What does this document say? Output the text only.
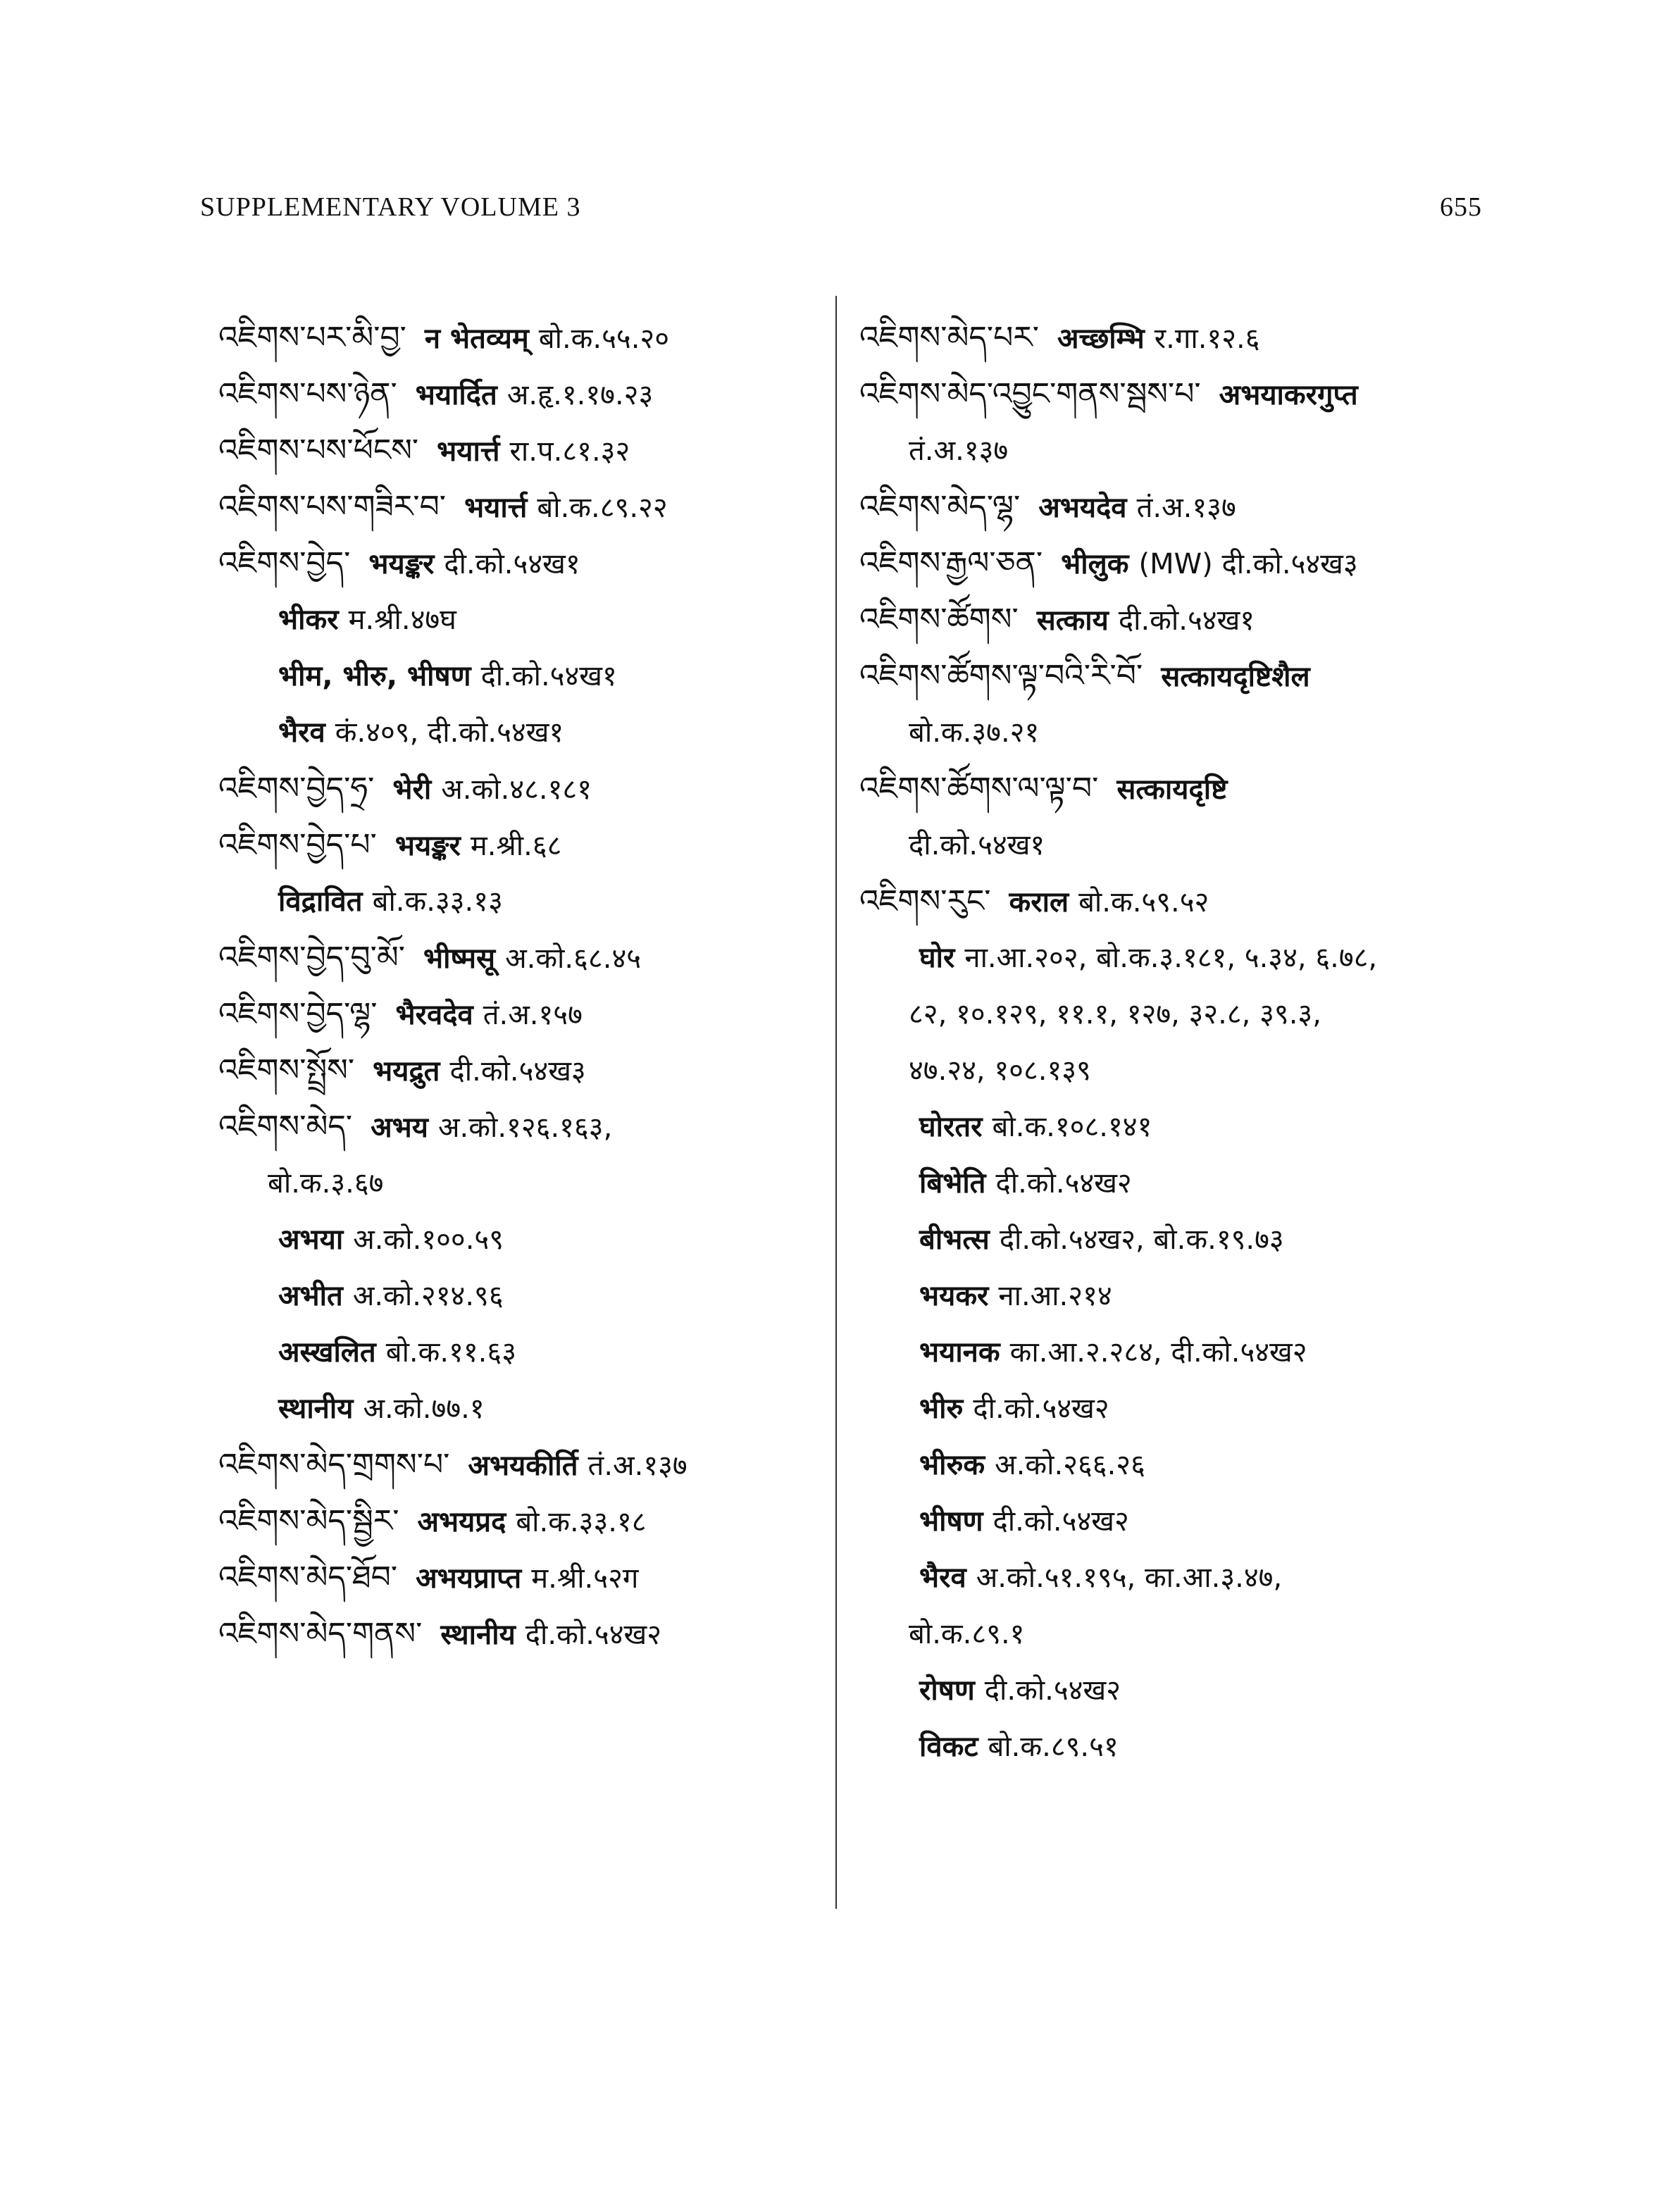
SUPPLEMENTARY VOLUME 3	655
འཇིགས་པར་མི་བྱ་ न भेतव्यम् बो.क.५५.२०
འཇིགས་པས་ཉེན་ भयार्दित अ.हृ.१.१७.२३
འཇིགས་པས་ཕོངས་ भयार्त्त रा.प.८१.३२
འཇིགས་པས་གཟིར་བ་ भयार्त्त बो.क.८९.२२
འཇིགས་བྱེད་ भयङ्कर दी.को.५४ख१
भीकर म.श्री.४७घ
भीम, भीरु, भीषण दी.को.५४ख१
भैरव कं.४०९, दी.को.५४ख१
འཇིགས་བྱེད་ཧྲ་ भेरी अ.को.४८.१८१
འཇིགས་བྱེད་པ་ भयङ्कर म.श्री.६८
विद्रावित बो.क.३३.१३
འཇིགས་བྱེད་བུ་མོ་ भीष्मसू अ.को.६८.४५
འཇིགས་བྱེད་ལྷ་ भैरवदेव तं.अ.१५७
འཇིགས་སྤྲོས་ भयद्रुत दी.को.५४ख३
འཇིགས་མེད་ अभय अ.को.१२६.१६३,
बो.क.३.६७
अभया अ.को.१००.५९
अभीत अ.को.२१४.९६
अस्खलित बो.क.११.६३
स्थानीय अ.को.७७.१
འཇིགས་མེད་གྲགས་པ་ अभयकीर्ति तं.अ.१३७
འཇིགས་མེད་སྦྱིར་ अभयप्रद बो.क.३३.१८
འཇིགས་མེད་ཐོབ་ अभयप्राप्त म.श्री.५२ग
འཇིགས་མེད་གནས་ स्थानीय दी.को.५४ख२
འཇིགས་མེད་པར་ अच्छम्भि र.गा.१२.६
འཇིགས་མེད་འབྱུང་གནས་སྦས་པ་ अभयाकरगुप्त
तं.अ.१३७
འཇིགས་མེད་ལྷ་ अभयदेव तं.अ.१३७
འཇིགས་རྒྱལ་ཅན་ भीलुक (MW) दी.को.५४ख३
འཇིགས་ཚོགས་ सत्काय दी.को.५४ख१
འཇིགས་ཚོགས་ལྟ་བའི་རི་བོ་ सत्कायदृष्टिशैल
बो.क.३७.२१
འཇིགས་ཚོགས་ལ་ལྟ་བ་ सत्कायदृष्टि
दी.को.५४ख१
འཇིགས་རུང་ कराल बो.क.५९.५२
घोर ना.आ.२०२, बो.क.३.१८१, ५.३४, ६.७८,
८२, १०.१२९, ११.१, १२७, ३२.८, ३९.३,
४७.२४, १०८.१३९
घोरतर बो.क.१०८.१४१
बिभेति दी.को.५४ख२
बीभत्स दी.को.५४ख२, बो.क.१९.७३
भयकर ना.आ.२१४
भयानक का.आ.२.२८४, दी.को.५४ख२
भीरु दी.को.५४ख२
भीरुक अ.को.२६६.२६
भीषण दी.को.५४ख२
भैरव अ.को.५१.१९५, का.आ.३.४७,
बो.क.८९.१
रोषण दी.को.५४ख२
विकट बो.क.८९.५१
